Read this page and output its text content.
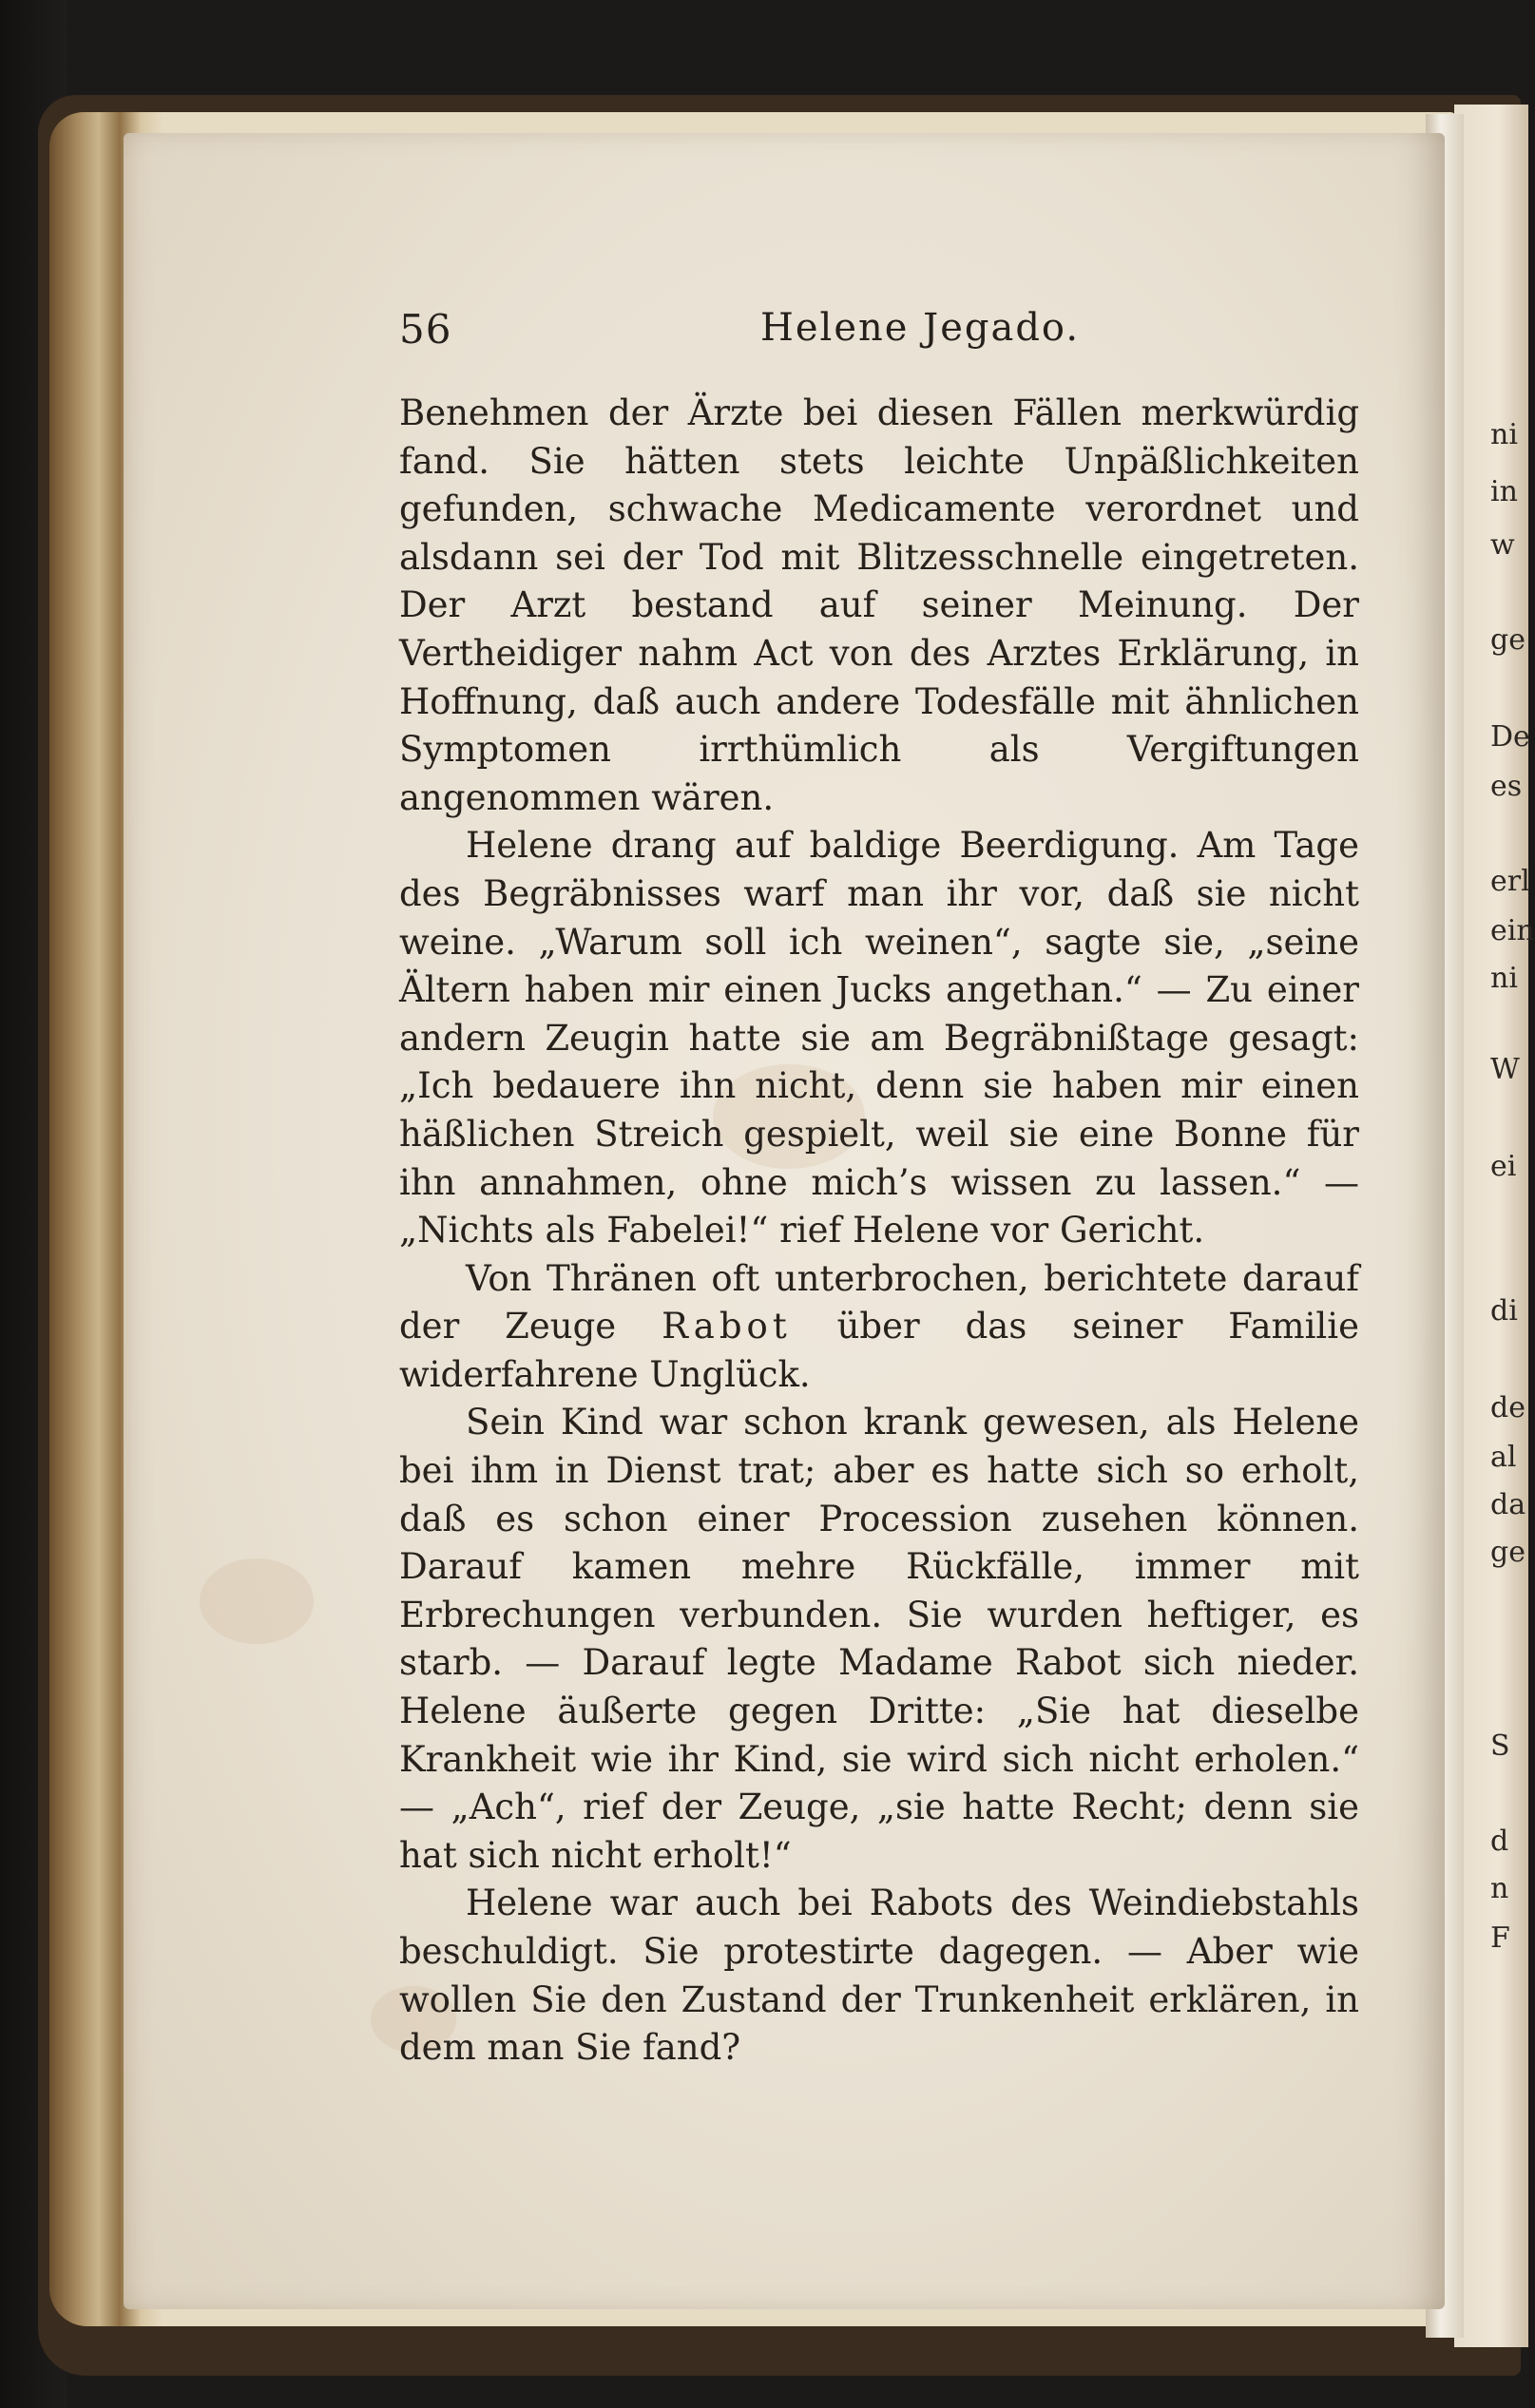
56	Helene Jegado.

Benehmen der Ärzte bei diesen Fällen merkwürdig fand. Sie hätten stets leichte Unpäßlichkeiten gefunden, schwache Medicamente verordnet und alsdann sei der Tod mit Blitzesschnelle eingetreten. Der Arzt bestand auf seiner Meinung. Der Vertheidiger nahm Act von des Arztes Erklärung, in Hoffnung, daß auch andere Todesfälle mit ähnlichen Symptomen irrthümlich als Vergiftungen angenommen wären.

Helene drang auf baldige Beerdigung. Am Tage des Begräbnisses warf man ihr vor, daß sie nicht weine. „Warum soll ich weinen“, sagte sie, „seine Ältern haben mir einen Jucks angethan.“ — Zu einer andern Zeugin hatte sie am Begräbnißtage gesagt: „Ich bedauere ihn nicht, denn sie haben mir einen häßlichen Streich gespielt, weil sie eine Bonne für ihn annahmen, ohne mich’s wissen zu lassen.“ — „Nichts als Fabelei!“ rief Helene vor Gericht.

Von Thränen oft unterbrochen, berichtete darauf der Zeuge Rabot über das seiner Familie widerfahrene Unglück.

Sein Kind war schon krank gewesen, als Helene bei ihm in Dienst trat; aber es hatte sich so erholt, daß es schon einer Procession zusehen können. Darauf kamen mehre Rückfälle, immer mit Erbrechungen verbunden. Sie wurden heftiger, es starb. — Darauf legte Madame Rabot sich nieder. Helene äußerte gegen Dritte: „Sie hat dieselbe Krankheit wie ihr Kind, sie wird sich nicht erholen.“ — „Ach“, rief der Zeuge, „sie hatte Recht; denn sie hat sich nicht erholt!“

Helene war auch bei Rabots des Weindiebstahls beschuldigt. Sie protestirte dagegen. — Aber wie wollen Sie den Zustand der Trunkenheit erklären, in dem man Sie fand?

ni
in
w
ge
De
es
erl
ein
ni
W
ei
di
de
al
da
ge
S
d
n
F
